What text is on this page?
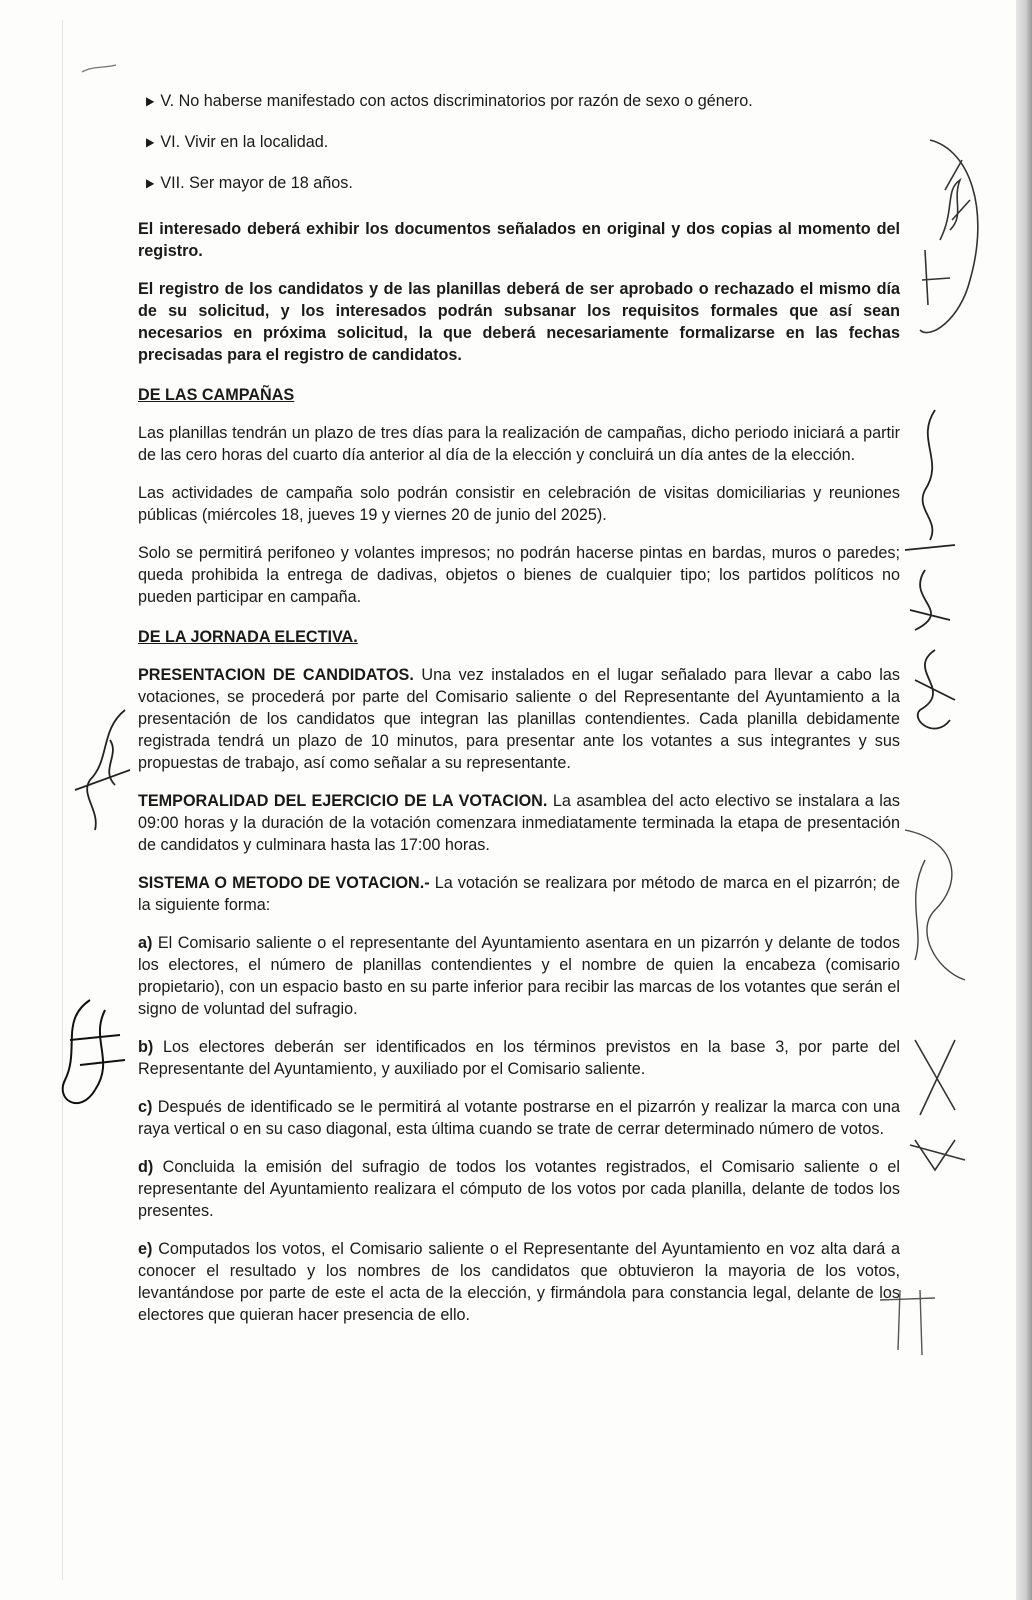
▶ V. No haberse manifestado con actos discriminatorios por razón de sexo o género.
▶ VI. Vivir en la localidad.
▶ VII. Ser mayor de 18 años.

El interesado deberá exhibir los documentos señalados en original y dos copias al momento del registro.

El registro de los candidatos y de las planillas deberá de ser aprobado o rechazado el mismo día de su solicitud, y los interesados podrán subsanar los requisitos formales que así sean necesarios en próxima solicitud, la que deberá necesariamente formalizarse en las fechas precisadas para el registro de candidatos.

DE LAS CAMPAÑAS

Las planillas tendrán un plazo de tres días para la realización de campañas, dicho periodo iniciará a partir de las cero horas del cuarto día anterior al día de la elección y concluirá un día antes de la elección.

Las actividades de campaña solo podrán consistir en celebración de visitas domiciliarias y reuniones públicas (miércoles 18, jueves 19 y viernes 20 de junio del 2025).

Solo se permitirá perifoneo y volantes impresos; no podrán hacerse pintas en bardas, muros o paredes; queda prohibida la entrega de dadivas, objetos o bienes de cualquier tipo; los partidos políticos no pueden participar en campaña.

DE LA JORNADA ELECTIVA.

PRESENTACION DE CANDIDATOS. Una vez instalados en el lugar señalado para llevar a cabo las votaciones, se procederá por parte del Comisario saliente o del Representante del Ayuntamiento a la presentación de los candidatos que integran las planillas contendientes. Cada planilla debidamente registrada tendrá un plazo de 10 minutos, para presentar ante los votantes a sus integrantes y sus propuestas de trabajo, así como señalar a su representante.

TEMPORALIDAD DEL EJERCICIO DE LA VOTACION. La asamblea del acto electivo se instalara a las 09:00 horas y la duración de la votación comenzara inmediatamente terminada la etapa de presentación de candidatos y culminara hasta las 17:00 horas.

SISTEMA O METODO DE VOTACION.- La votación se realizara por método de marca en el pizarrón; de la siguiente forma:

a) El Comisario saliente o el representante del Ayuntamiento asentara en un pizarrón y delante de todos los electores, el número de planillas contendientes y el nombre de quien la encabeza (comisario propietario), con un espacio basto en su parte inferior para recibir las marcas de los votantes que serán el signo de voluntad del sufragio.

b) Los electores deberán ser identificados en los términos previstos en la base 3, por parte del Representante del Ayuntamiento, y auxiliado por el Comisario saliente.

c) Después de identificado se le permitirá al votante postrarse en el pizarrón y realizar la marca con una raya vertical o en su caso diagonal, esta última cuando se trate de cerrar determinado número de votos.

d) Concluida la emisión del sufragio de todos los votantes registrados, el Comisario saliente o el representante del Ayuntamiento realizara el cómputo de los votos por cada planilla, delante de todos los presentes.

e) Computados los votos, el Comisario saliente o el Representante del Ayuntamiento en voz alta dará a conocer el resultado y los nombres de los candidatos que obtuvieron la mayoria de los votos, levantándose por parte de este el acta de la elección, y firmándola para constancia legal, delante de los electores que quieran hacer presencia de ello.
